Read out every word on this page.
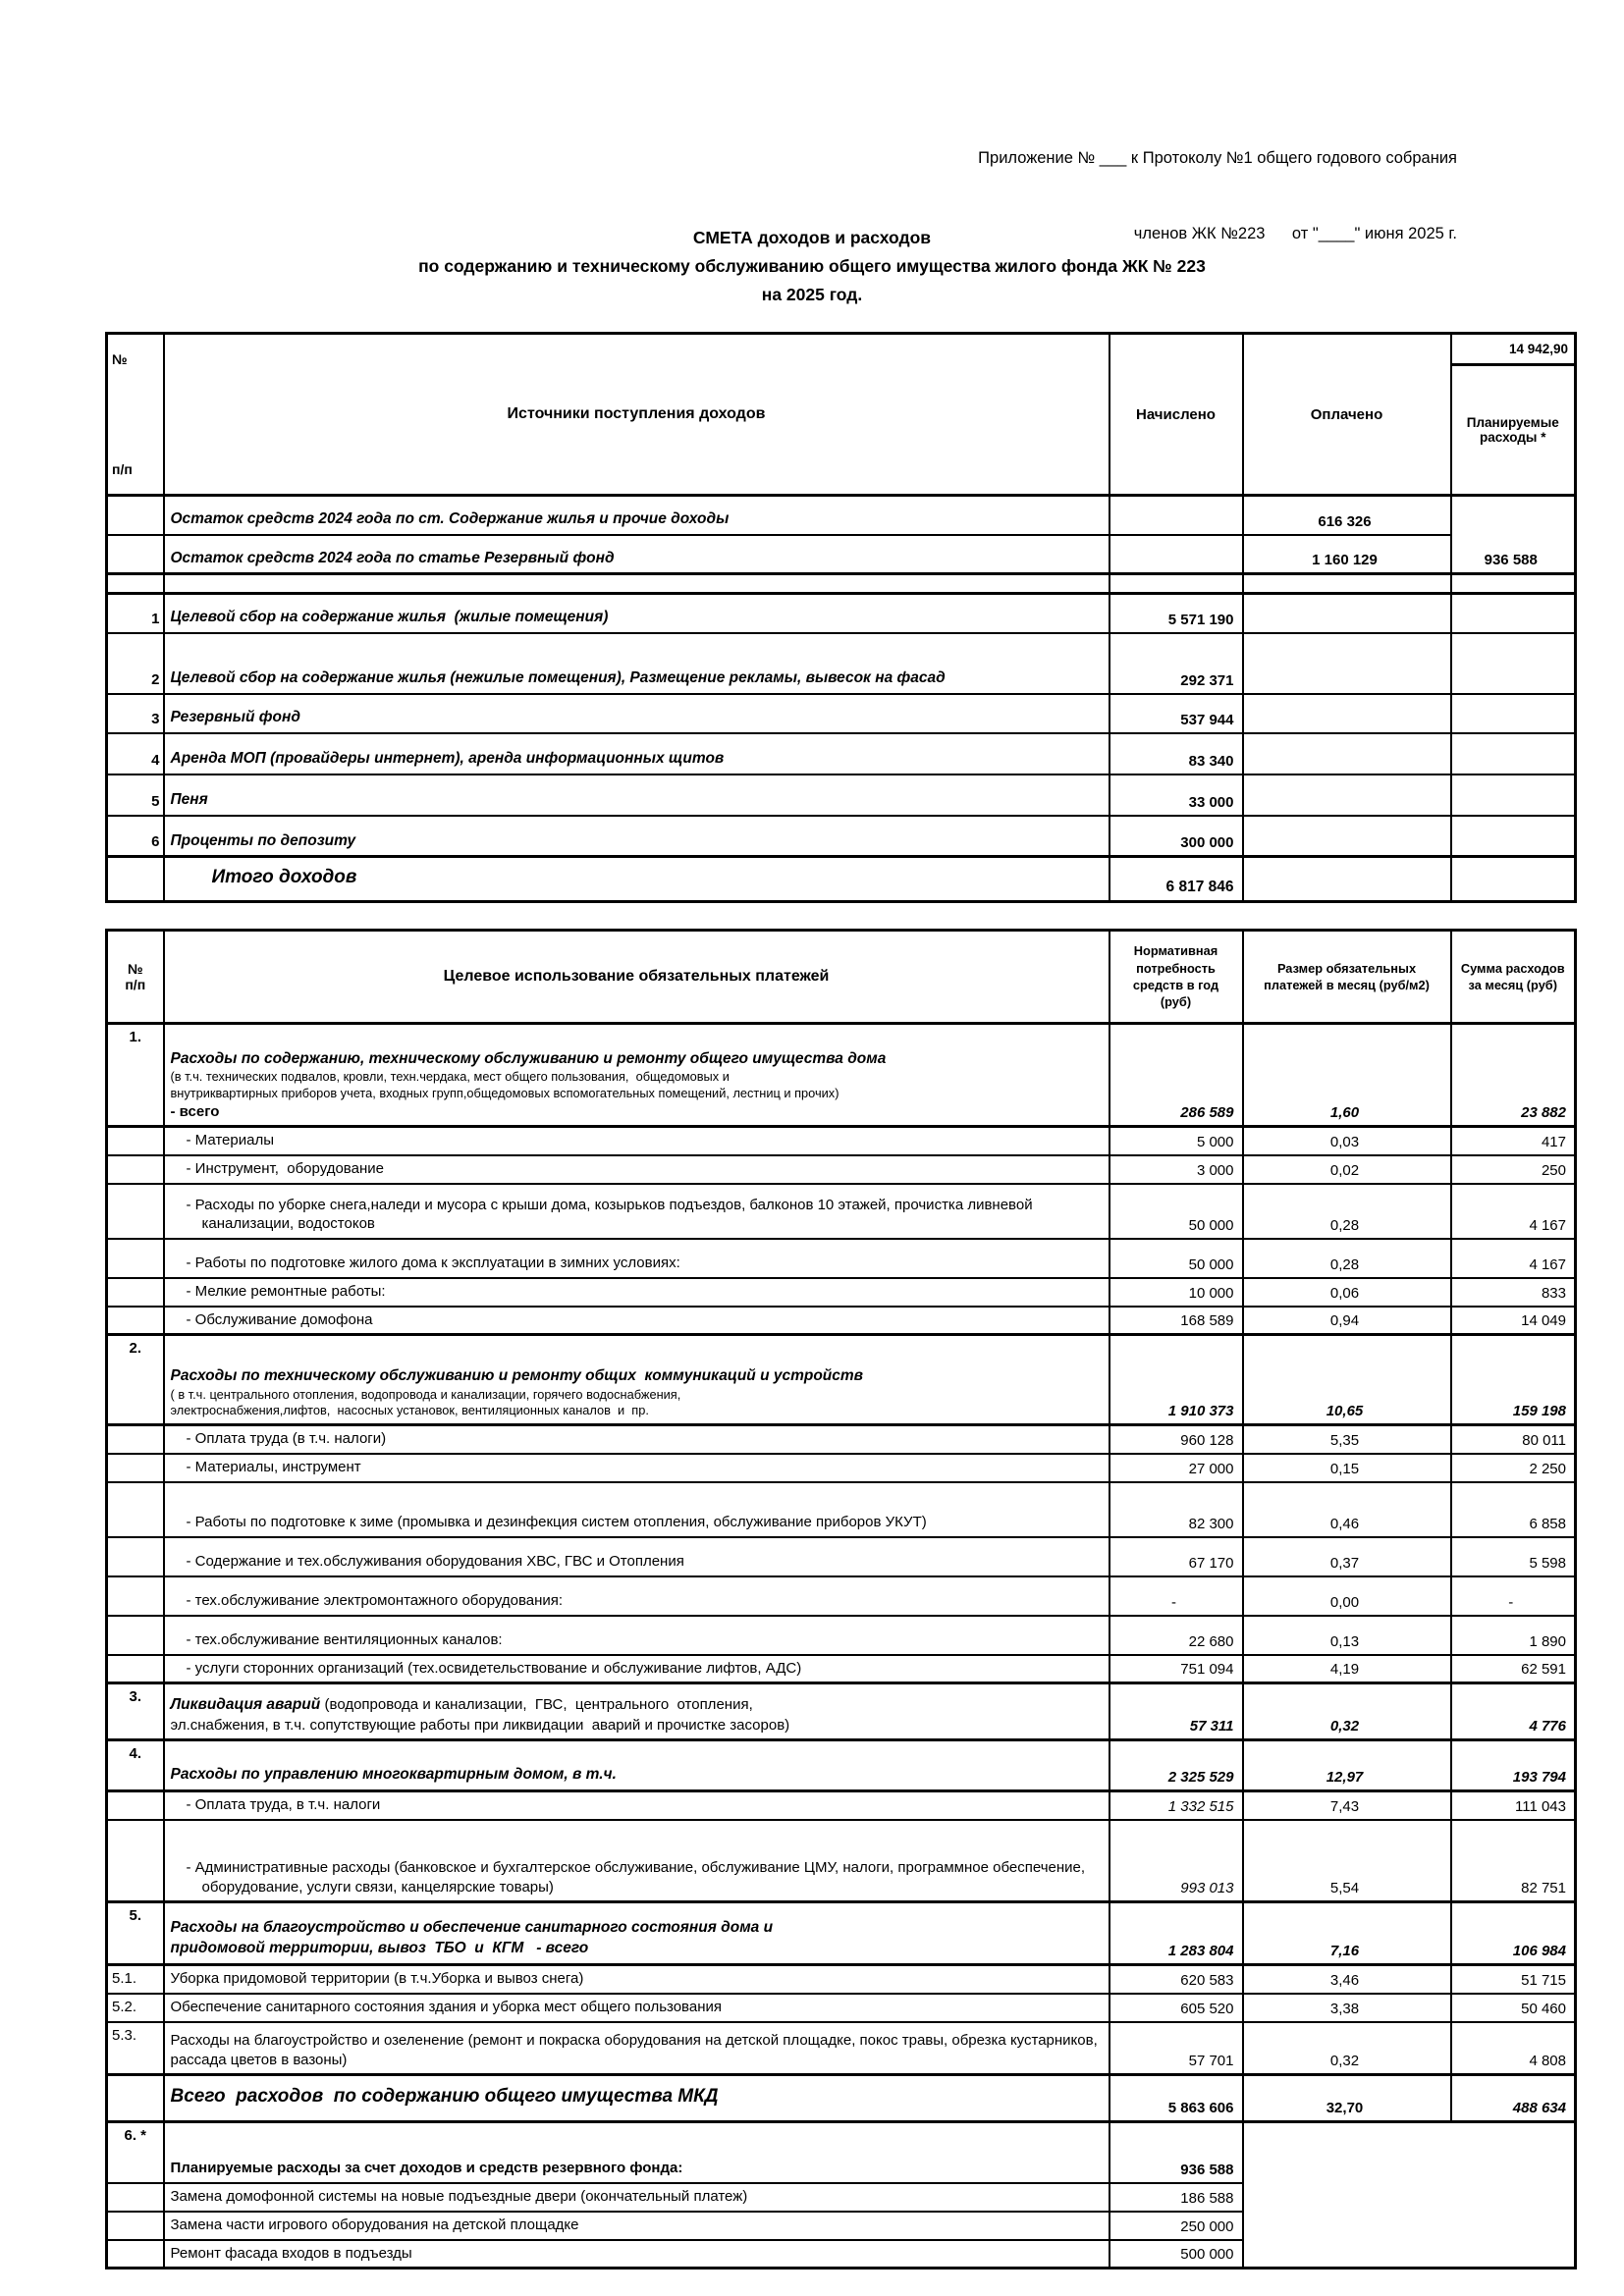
Приложение № ___ к Протоколу №1 общего годового собрания

членов ЖК №223      от "____" июня 2025 г.

СМЕТА доходов и расходов
по содержанию и техническому обслуживанию общего имущества жилого фонда ЖК № 223
на 2025 год.

№
п/п	Источники поступления доходов	Начислено	Оплачено	14 942,90
				Планируемые расходы *
	Остаток средств 2024 года по ст. Содержание жилья и прочие доходы		616 326	936 588
	Остаток средств 2024 года по статье Резервный фонд		1 160 129	

1	Целевой сбор на содержание жилья  (жилые помещения)	5 571 190		
2	Целевой сбор на содержание жилья (нежилые помещения), Размещение рекламы, вывесок на фасад	292 371		
3	Резервный фонд	537 944		
4	Аренда МОП (провайдеры интернет), аренда информационных щитов	83 340		
5	Пеня	33 000		
6	Проценты по депозиту	300 000		
	Итого доходов	6 817 846		
№
п/п	Целевое использование обязательных платежей	Нормативная
потребность
средств в год
(руб)	Размер обязательных
платежей в месяц (руб/м2)	Сумма расходов
за месяц (руб)
1.	Расходы по содержанию, техническому обслуживанию и ремонту общего имущества дома
(в т.ч. технических подвалов, кровли, техн.чердака, мест общего пользования,  общедомовых и
внутриквартирных приборов учета, входных групп,общедомовых вспомогательных помещений, лестниц и прочих)
- всего	286 589	1,60	23 882
	- Материалы	5 000	0,03	417
	- Инструмент,  оборудование	3 000	0,02	250
	- Расходы по уборке снега,наледи и мусора с крыши дома, козырьков подъездов, балконов 10 этажей, прочистка ливневой канализации, водостоков	50 000	0,28	4 167
	- Работы по подготовке жилого дома к эксплуатации в зимних условиях:	50 000	0,28	4 167
	- Мелкие ремонтные работы:	10 000	0,06	833
	- Обслуживание домофона	168 589	0,94	14 049
2.	Расходы по техническому обслуживанию и ремонту общих  коммуникаций и устройств
( в т.ч. центрального отопления, водопровода и канализации, горячего водоснабжения,
электроснабжения,лифтов,  насосных установок, вентиляционных каналов  и  пр.	1 910 373	10,65	159 198
	- Оплата труда (в т.ч. налоги)	960 128	5,35	80 011
	- Материалы, инструмент	27 000	0,15	2 250
	- Работы по подготовке к зиме (промывка и дезинфекция систем отопления, обслуживание приборов УКУТ)	82 300	0,46	6 858
	- Содержание и тех.обслуживания оборудования ХВС, ГВС и Отопления	67 170	0,37	5 598
	- тех.обслуживание электромонтажного оборудования:	-	0,00	-
	- тех.обслуживание вентиляционных каналов:	22 680	0,13	1 890
	- услуги сторонних организаций (тех.освидетельствование и обслуживание лифтов, АДС)	751 094	4,19	62 591
3.	Ликвидация аварий (водопровода и канализации,  ГВС,  центрального  отопления,
эл.снабжения, в т.ч. сопутствующие работы при ликвидации  аварий и прочистке засоров)	57 311	0,32	4 776
4.	Расходы по управлению многоквартирным домом, в т.ч.	2 325 529	12,97	193 794
	- Оплата труда, в т.ч. налоги	1 332 515	7,43	111 043
	- Административные расходы (банковское и бухгалтерское обслуживание, обслуживание ЦМУ, налоги, программное обеспечение, оборудование, услуги связи, канцелярские товары)	993 013	5,54	82 751
5.	Расходы на благоустройство и обеспечение санитарного состояния дома и
придомовой территории, вывоз  ТБО  и  КГМ   - всего	1 283 804	7,16	106 984
5.1.	Уборка придомовой территории (в т.ч.Уборка и вывоз снега)	620 583	3,46	51 715
5.2.	Обеспечение санитарного состояния здания и уборка мест общего пользования	605 520	3,38	50 460
5.3.	Расходы на благоустройство и озеленение (ремонт и покраска оборудования на детской площадке, покос травы, обрезка кустарников, рассада цветов в вазоны)	57 701	0,32	4 808
	Всего  расходов  по содержанию общего имущества МКД	5 863 606	32,70	488 634
6. *	Планируемые расходы за счет доходов и средств резервного фонда:	936 588		
	Замена домофонной системы на новые подъездные двери (окончательный платеж)	186 588		
	Замена части игрового оборудования на детской площадке	250 000		
	Ремонт фасада входов в подъезды	500 000		
